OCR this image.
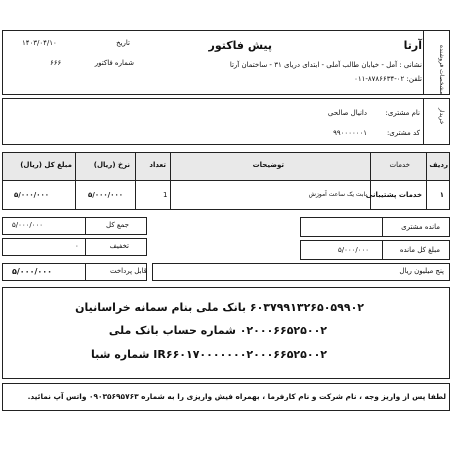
مشخصات فروشنده
آرتا
پیش فاکتور
تاریخ
۱۴۰۳/۰۴/۱۰
شماره فاکتور
۶۶۶	نشانی : آمل - خیابان طالب آملی - ابتدای دریای ۳۱ - ساختمان آرتا
تلفن: ۰۲-۸۷۸۶۶۳۴-۰۱۱
خریدار
نام مشتری:
دانیال صالحی
کد مشتری:
۹۹۰۰۰۰۰۰۱
ردیف
خدمات
توضیحات
تعداد
نرخ (ریال)
مبلغ کل (ریال)
۱
خدمات پشتیبانی
بابت یک ساعت آموزش
1
۵/۰۰۰/۰۰۰
۵/۰۰۰/۰۰۰
جمع کل
۵/۰۰۰/۰۰۰
تخفیف
۰
قابل پرداخت
۵/۰۰۰/۰۰۰
مانده مشتری
مبلغ کل مانده
۵/۰۰۰/۰۰۰
پنج میلیون ریال
۶۰۳۷۹۹۱۳۲۶۵۰۵۹۹۰۲ بانک ملی بنام سمانه خراسانیان
۰۲۰۰۰۶۶۵۲۵۰۰۲ شماره حساب بانک ملی
IR۶۶۰۱۷۰۰۰۰۰۰۰۲۰۰۰۶۶۵۲۵۰۰۲ شماره شبا
لطفا پس از واریز وجه ، نام شرکت و نام کارفرما ، بهمراه فیش واریزی را به شماره ۰۹۰۳۵۶۹۵۷۶۳ واتس آپ نمائید.
